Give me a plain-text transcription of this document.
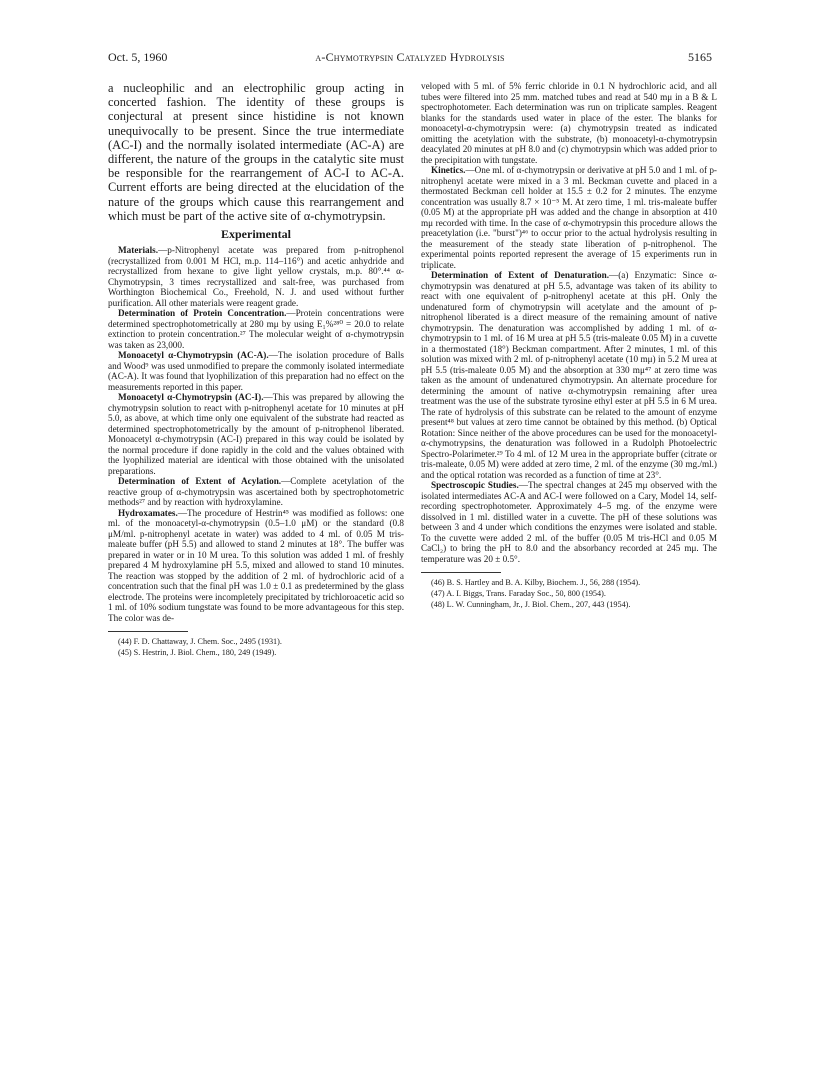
Oct. 5, 1960	α-Chymotrypsin Catalyzed Hydrolysis	5165

a nucleophilic and an electrophilic group acting in concerted fashion. The identity of these groups is conjectural at present since histidine is not known unequivocally to be present. Since the true intermediate (AC-I) and the normally isolated intermediate (AC-A) are different, the nature of the groups in the catalytic site must be responsible for the rearrangement of AC-I to AC-A. Current efforts are being directed at the elucidation of the nature of the groups which cause this rearrangement and which must be part of the active site of α-chymotrypsin.

Experimental

Materials.—p-Nitrophenyl acetate was prepared from p-nitrophenol (recrystallized from 0.001 M HCl, m.p. 114–116°) and acetic anhydride and recrystallized from hexane to give light yellow crystals, m.p. 80°.⁴⁴ α-Chymotrypsin, 3 times recrystallized and salt-free, was purchased from Worthington Biochemical Co., Freehold, N. J. and used without further purification. All other materials were reagent grade.

Determination of Protein Concentration.—Protein concentrations were determined spectrophotometrically at 280 mμ by using E₁%²⁸⁰ = 20.0 to relate extinction to protein concentration.²⁷ The molecular weight of α-chymotrypsin was taken as 23,000.

Monoacetyl α-Chymotrypsin (AC-A).—The isolation procedure of Balls and Wood⁹ was used unmodified to prepare the commonly isolated intermediate (AC-A). It was found that lyophilization of this preparation had no effect on the measurements reported in this paper.

Monoacetyl α-Chymotrypsin (AC-I).—This was prepared by allowing the chymotrypsin solution to react with p-nitrophenyl acetate for 10 minutes at pH 5.0, as above, at which time only one equivalent of the substrate had reacted as determined spectrophotometrically by the amount of p-nitrophenol liberated. Monoacetyl α-chymotrypsin (AC-I) prepared in this way could be isolated by the normal procedure if done rapidly in the cold and the values obtained with the lyophilized material are identical with those obtained with the unisolated preparations.

Determination of Extent of Acylation.—Complete acetylation of the reactive group of α-chymotrypsin was ascertained both by spectrophotometric methods²⁷ and by reaction with hydroxylamine.

Hydroxamates.—The procedure of Hestrin⁴⁵ was modified as follows: one ml. of the monoacetyl-α-chymotrypsin (0.5–1.0 μM) or the standard (0.8 μM/ml. p-nitrophenyl acetate in water) was added to 4 ml. of 0.05 M tris-maleate buffer (pH 5.5) and allowed to stand 2 minutes at 18°. The buffer was prepared in water or in 10 M urea. To this solution was added 1 ml. of freshly prepared 4 M hydroxylamine pH 5.5, mixed and allowed to stand 10 minutes. The reaction was stopped by the addition of 2 ml. of hydrochloric acid of a concentration such that the final pH was 1.0 ± 0.1 as predetermined by the glass electrode. The proteins were incompletely precipitated by trichloroacetic acid so 1 ml. of 10% sodium tungstate was found to be more advantageous for this step. The color was de-

(44) F. D. Chattaway, J. Chem. Soc., 2495 (1931).

(45) S. Hestrin, J. Biol. Chem., 180, 249 (1949).

veloped with 5 ml. of 5% ferric chloride in 0.1 N hydrochloric acid, and all tubes were filtered into 25 mm. matched tubes and read at 540 mμ in a B & L spectrophotometer. Each determination was run on triplicate samples. Reagent blanks for the standards used water in place of the ester. The blanks for monoacetyl-α-chymotrypsin were: (a) chymotrypsin treated as indicated omitting the acetylation with the substrate, (b) monoacetyl-α-chymotrypsin deacylated 20 minutes at pH 8.0 and (c) chymotrypsin which was added prior to the precipitation with tungstate.

Kinetics.—One ml. of α-chymotrypsin or derivative at pH 5.0 and 1 ml. of p-nitrophenyl acetate were mixed in a 3 ml. Beckman cuvette and placed in a thermostated Beckman cell holder at 15.5 ± 0.2 for 2 minutes. The enzyme concentration was usually 8.7 × 10⁻⁵ M. At zero time, 1 ml. tris-maleate buffer (0.05 M) at the appropriate pH was added and the change in absorption at 410 mμ recorded with time. In the case of α-chymotrypsin this procedure allows the preacetylation (i.e. "burst")⁴⁶ to occur prior to the actual hydrolysis resulting in the measurement of the steady state liberation of p-nitrophenol. The experimental points reported represent the average of 15 experiments run in triplicate.

Determination of Extent of Denaturation.—(a) Enzymatic: Since α-chymotrypsin was denatured at pH 5.5, advantage was taken of its ability to react with one equivalent of p-nitrophenyl acetate at this pH. Only the undenatured form of chymotrypsin will acetylate and the amount of p-nitrophenol liberated is a direct measure of the remaining amount of native chymotrypsin. The denaturation was accomplished by adding 1 ml. of α-chymotrypsin to 1 ml. of 16 M urea at pH 5.5 (tris-maleate 0.05 M) in a cuvette in a thermostated (18°) Beckman compartment. After 2 minutes, 1 ml. of this solution was mixed with 2 ml. of p-nitrophenyl acetate (10 mμ) in 5.2 M urea at pH 5.5 (tris-maleate 0.05 M) and the absorption at 330 mμ⁴⁷ at zero time was taken as the amount of undenatured chymotrypsin. An alternate procedure for determining the amount of native α-chymotrypsin remaining after urea treatment was the use of the substrate tyrosine ethyl ester at pH 5.5 in 6 M urea. The rate of hydrolysis of this substrate can be related to the amount of enzyme present⁴⁸ but values at zero time cannot be obtained by this method. (b) Optical Rotation: Since neither of the above procedures can be used for the monoacetyl-α-chymotrypsins, the denaturation was followed in a Rudolph Photoelectric Spectro-Polarimeter.²⁹ To 4 ml. of 12 M urea in the appropriate buffer (citrate or tris-maleate, 0.05 M) were added at zero time, 2 ml. of the enzyme (30 mg./ml.) and the optical rotation was recorded as a function of time at 23°.

Spectroscopic Studies.—The spectral changes at 245 mμ observed with the isolated intermediates AC-A and AC-I were followed on a Cary, Model 14, self-recording spectrophotometer. Approximately 4–5 mg. of the enzyme were dissolved in 1 ml. distilled water in a cuvette. The pH of these solutions was between 3 and 4 under which conditions the enzymes were isolated and stable. To the cuvette were added 2 ml. of the buffer (0.05 M tris-HCl and 0.05 M CaCl₂) to bring the pH to 8.0 and the absorbancy recorded at 245 mμ. The temperature was 20 ± 0.5°.

(46) B. S. Hartley and B. A. Kilby, Biochem. J., 56, 288 (1954).

(47) A. I. Biggs, Trans. Faraday Soc., 50, 800 (1954).

(48) L. W. Cunningham, Jr., J. Biol. Chem., 207, 443 (1954).
